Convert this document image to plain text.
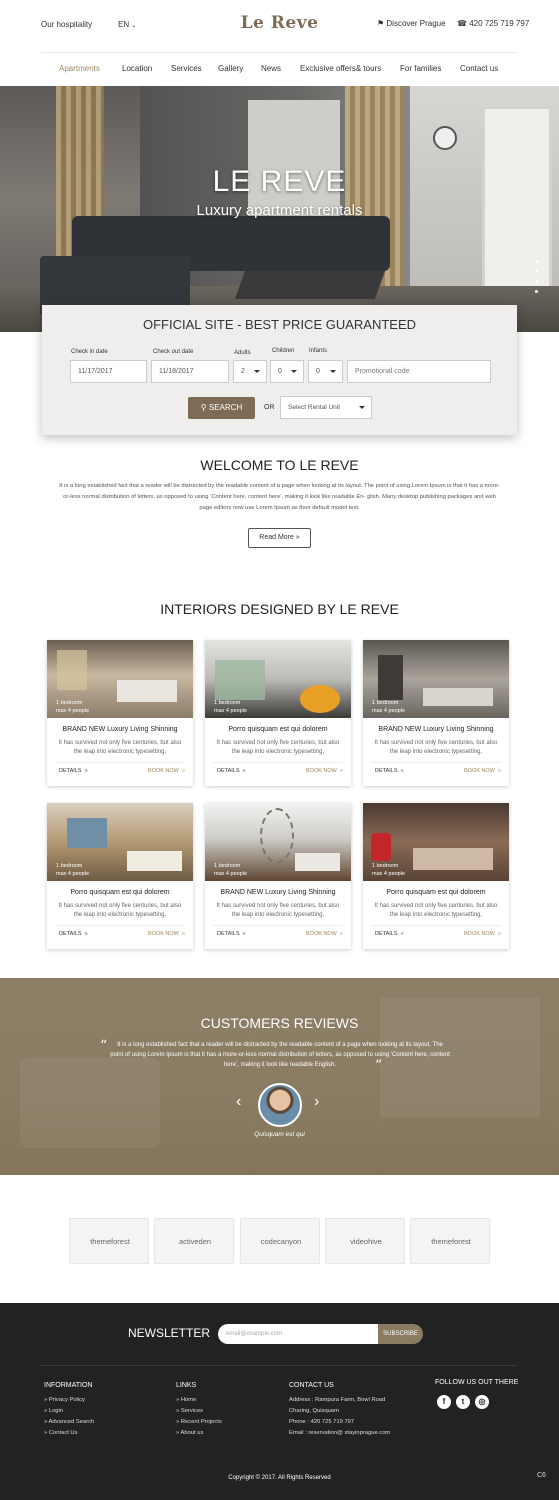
Our hospitality	EN ⌄	Le Reve	⚑ Discover Prague ☎ 420 725 719 797
Apartments	Location Services Gallery News Exclusive offers& tours For families Contact us
LE REVE
Luxury apartment rentals
OFFICIAL SITE - BEST PRICE GUARANTEED
Check in date
11/17/2017
Check out date
11/18/2017
Adults
2
Children
0
Infants
0	Promotional code
⚲ SEARCH	OR	Select Rental Unit
WELCOME TO LE REVE
It is a long established fact that a reader will be distracted by the readable content of a page when looking at its layout. The point of using Lorem Ipsum is that it has a more-or-less normal distribution of letters, as opposed to using ‘Content here, content here’, making it look like readable En- glish. Many desktop publishing packages and web page editors now use Lorem Ipsum as their default model text,
Read More »
INTERIORS DESIGNED BY LE REVE
1 bedroom
max 4 people
BRAND NEW Luxury Living Shinning
It has survived not only five centuries, but also the leap into electronic typesetting,
DETAILS  »	BOOK NOW  »
1 bedroom
max 4 people
Porro quisquam est qui dolorem
It has survived not only five centuries, but also the leap into electronic typesetting,
DETAILS  »	BOOK NOW  »
1 bedroom
max 4 people
BRAND NEW Luxury Living Shinning
It has survived not only five centuries, but also the leap into electronic typesetting,
DETAILS  »	BOOK NOW  »
1 bedroom
max 4 people
Porro quisquam est qui dolorem
It has survived not only five centuries, but also the leap into electronic typesetting,
DETAILS  »	BOOK NOW  »
1 bedroom
max 4 people
BRAND NEW Luxury Living Shinning
It has survived not only five centuries, but also the leap into electronic typesetting,
DETAILS  »	BOOK NOW  »
1 bedroom
max 4 people
Porro quisquam est qui dolorem
It has survived not only five centuries, but also the leap into electronic typesetting,
DETAILS  »	BOOK NOW  »
CUSTOMERS REVIEWS
“	It is a long established fact that a reader will be distracted by the readable content of a page when looking at its layout. The point of using Lorem Ipsum is that it has a more-or-less normal distribution of letters, as opposed to using ‘Content here, content here’, making it look like readable English.	”
‹	›
Quisquam est qui
themeforest	activeden	codecanyon	videohive	themeforest
NEWSLETTER	email@example.com	SUBSCRIBE
INFORMATION
» Privacy Policy
» Login
» Advanced Search
» Contact Us
LINKS
» Home
» Services
» Recent Projects
» About us
CONTACT US
Address : Rampura Farm, Bowl Road
Charing, Quisquam
Phone : 420 725 719 797
Email : reservation@ stayinprague.com
FOLLOW US OUT THERE
f	t	◎
Copyright © 2017. All Rights Reserved	C6
